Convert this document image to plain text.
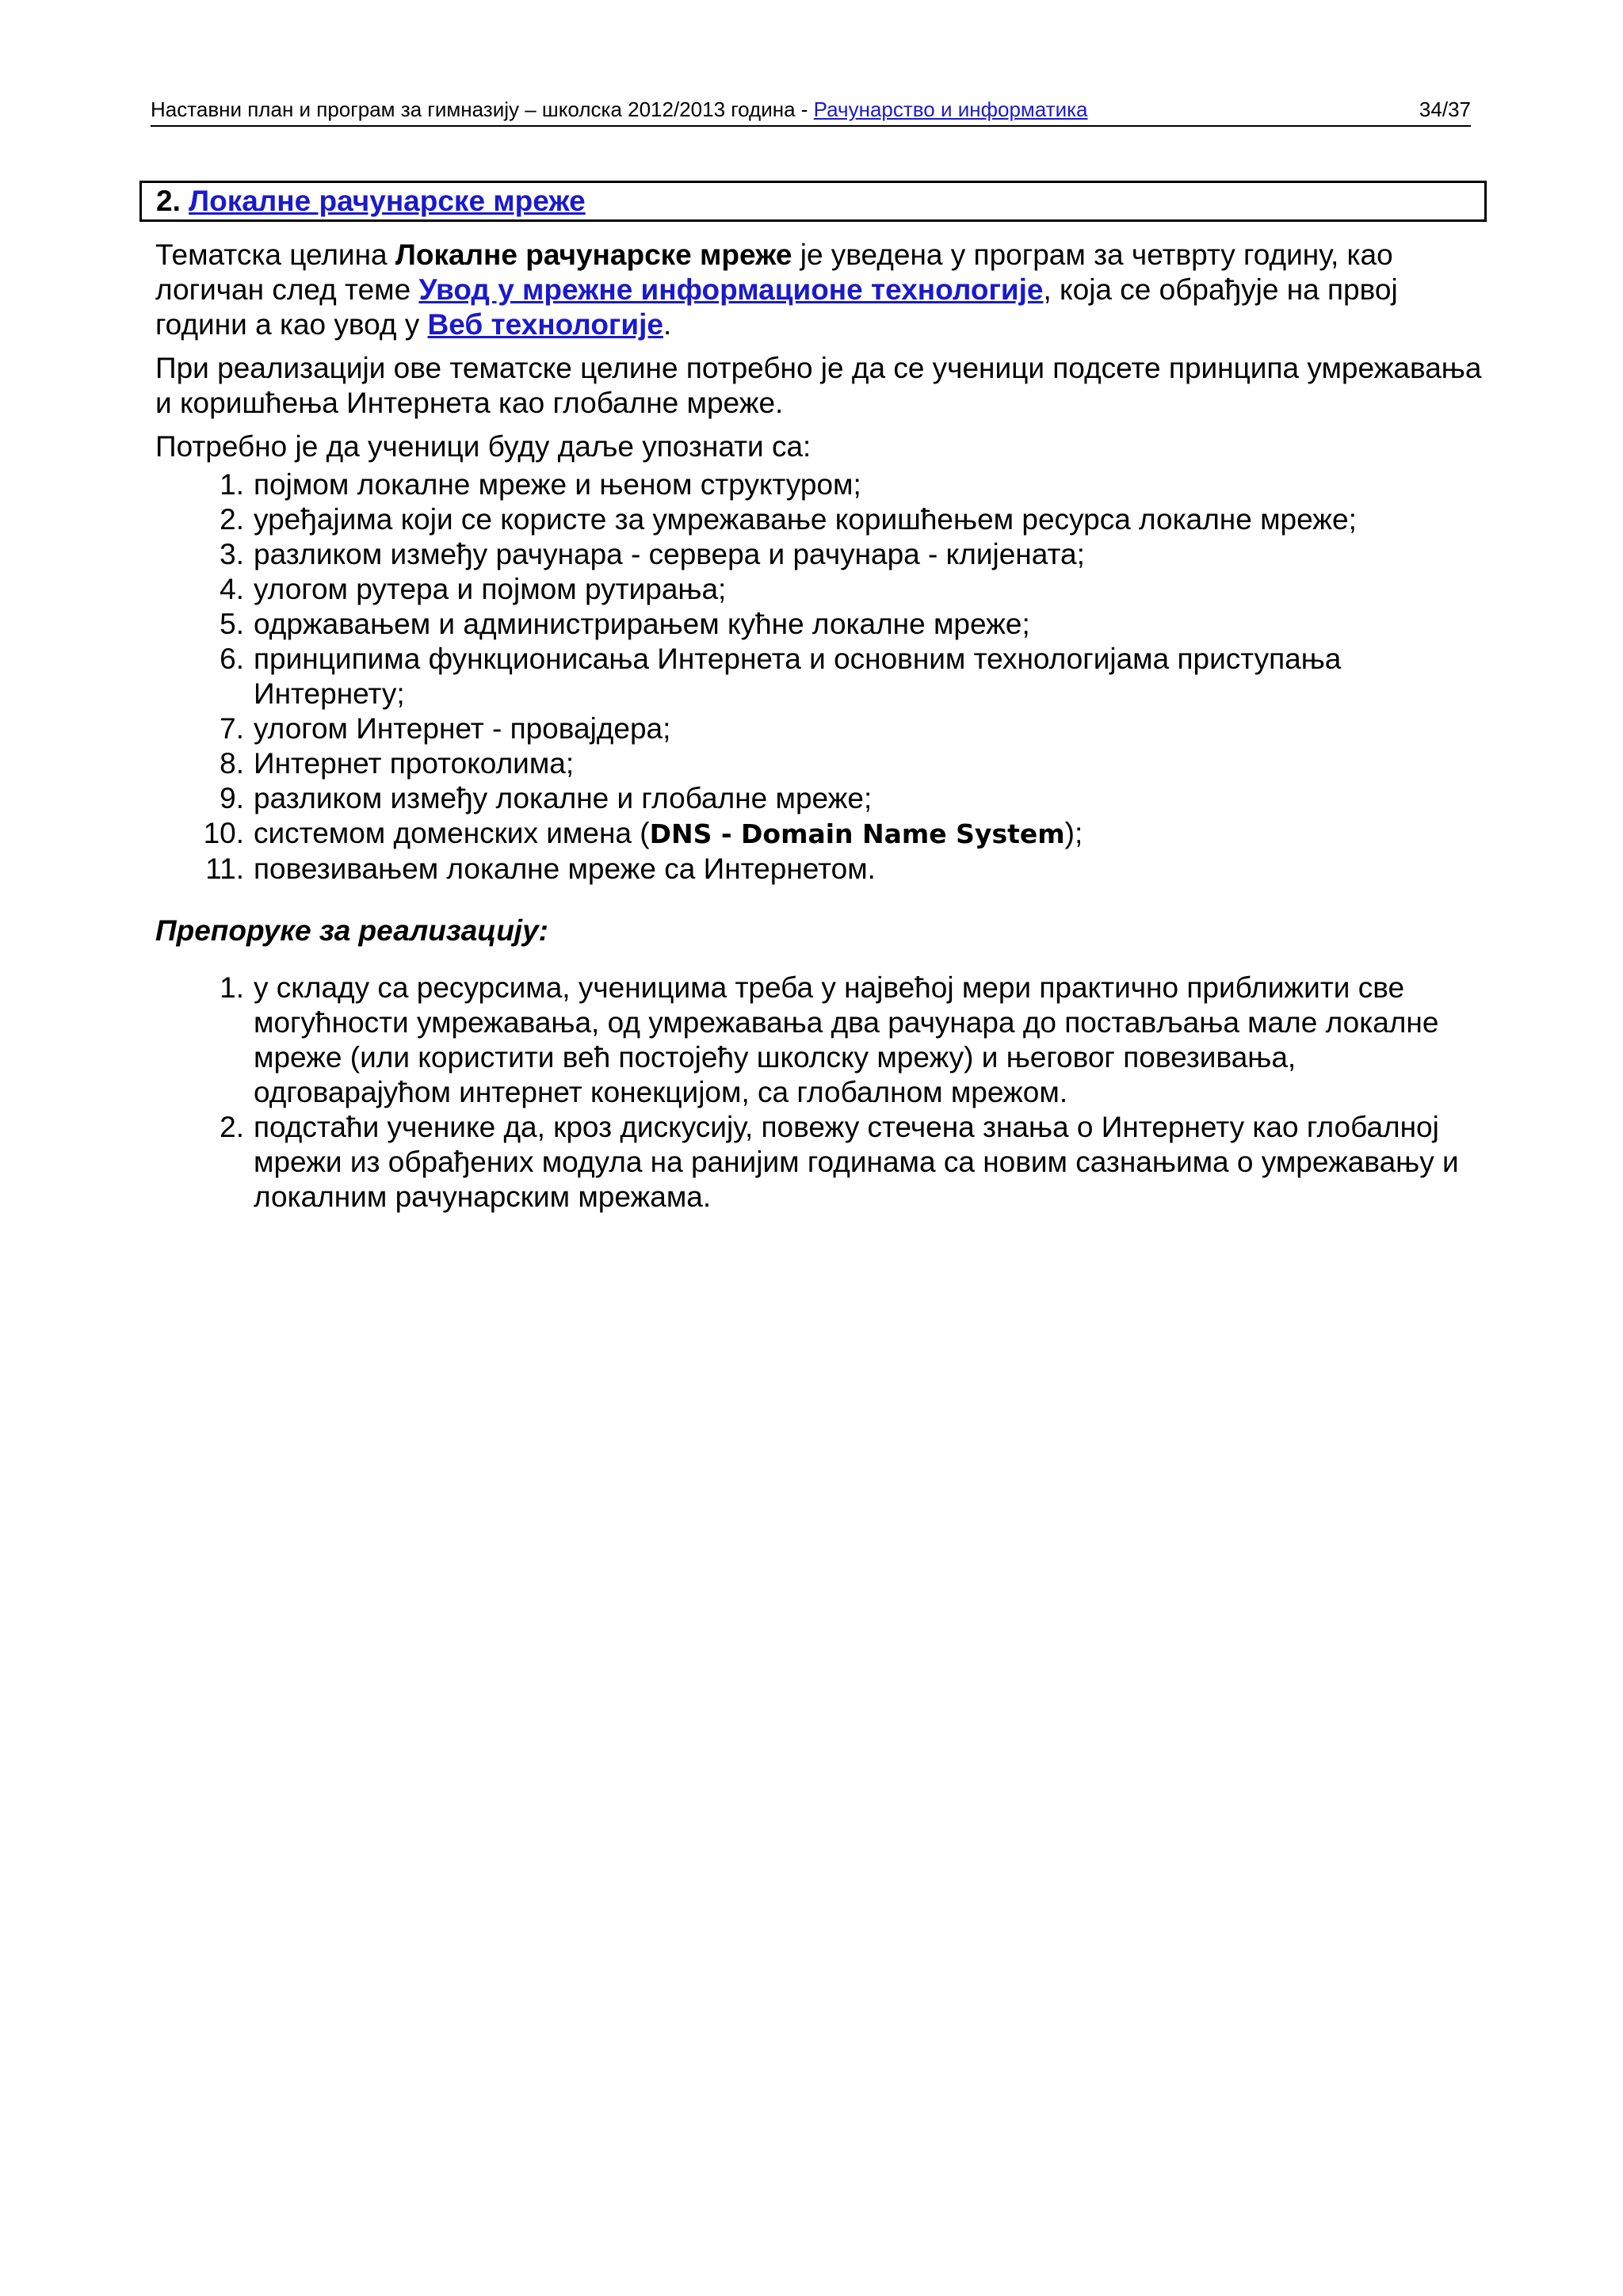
Наставни план и програм за гимназију – школска 2012/2013 година - Рачунарство и информатика	34/37
2. Локалне рачунарске мреже

Тематска целина Локалне рачунарске мреже је уведена у програм за четврту годину, као логичан след теме Увод у мрежне информационе технологије, која се обрађује на првој години а као увод у Веб технологије.

При реализацији ове тематске целине потребно је да се ученици подсете принципа умрежавања и коришћења Интернета као глобалне мреже.

Потребно је да ученици буду даље упознати са:

1. појмом локалне мреже и њеном структуром;
2. уређајима који се користе за умрежавање коришћењем ресурса локалне мреже;
3. разликом између рачунара - сервера и рачунара - клијената;
4. улогом рутера и појмом рутирања;
5. одржавањем и администрирањем кућне локалне мреже;
6. принципима функционисања Интернета и основним технологијама приступања Интернету;
7. улогом Интернет - провајдера;
8. Интернет протоколима;
9. разликом између локалне и глобалне мреже;
10. системом доменских имена (DNS - Domain Name System);
11. повезивањем локалне мреже са Интернетом.
Препоруке за реализацију:
1. у складу са ресурсима, ученицима треба у највећој мери практично приближити све могућности умрежавања, од умрежавања два рачунара до постављања мале локалне мреже (или користити већ постојећу школску мрежу) и његовог повезивања, одговарајућом интернет конекцијом, са глобалном мрежом.
2. подстаћи ученике да, кроз дискусију, повежу стечена знања о Интернету као глобалној мрежи из обрађених модула на ранијим годинама са новим сазнањима о умрежавању и локалним рачунарским мрежама.
